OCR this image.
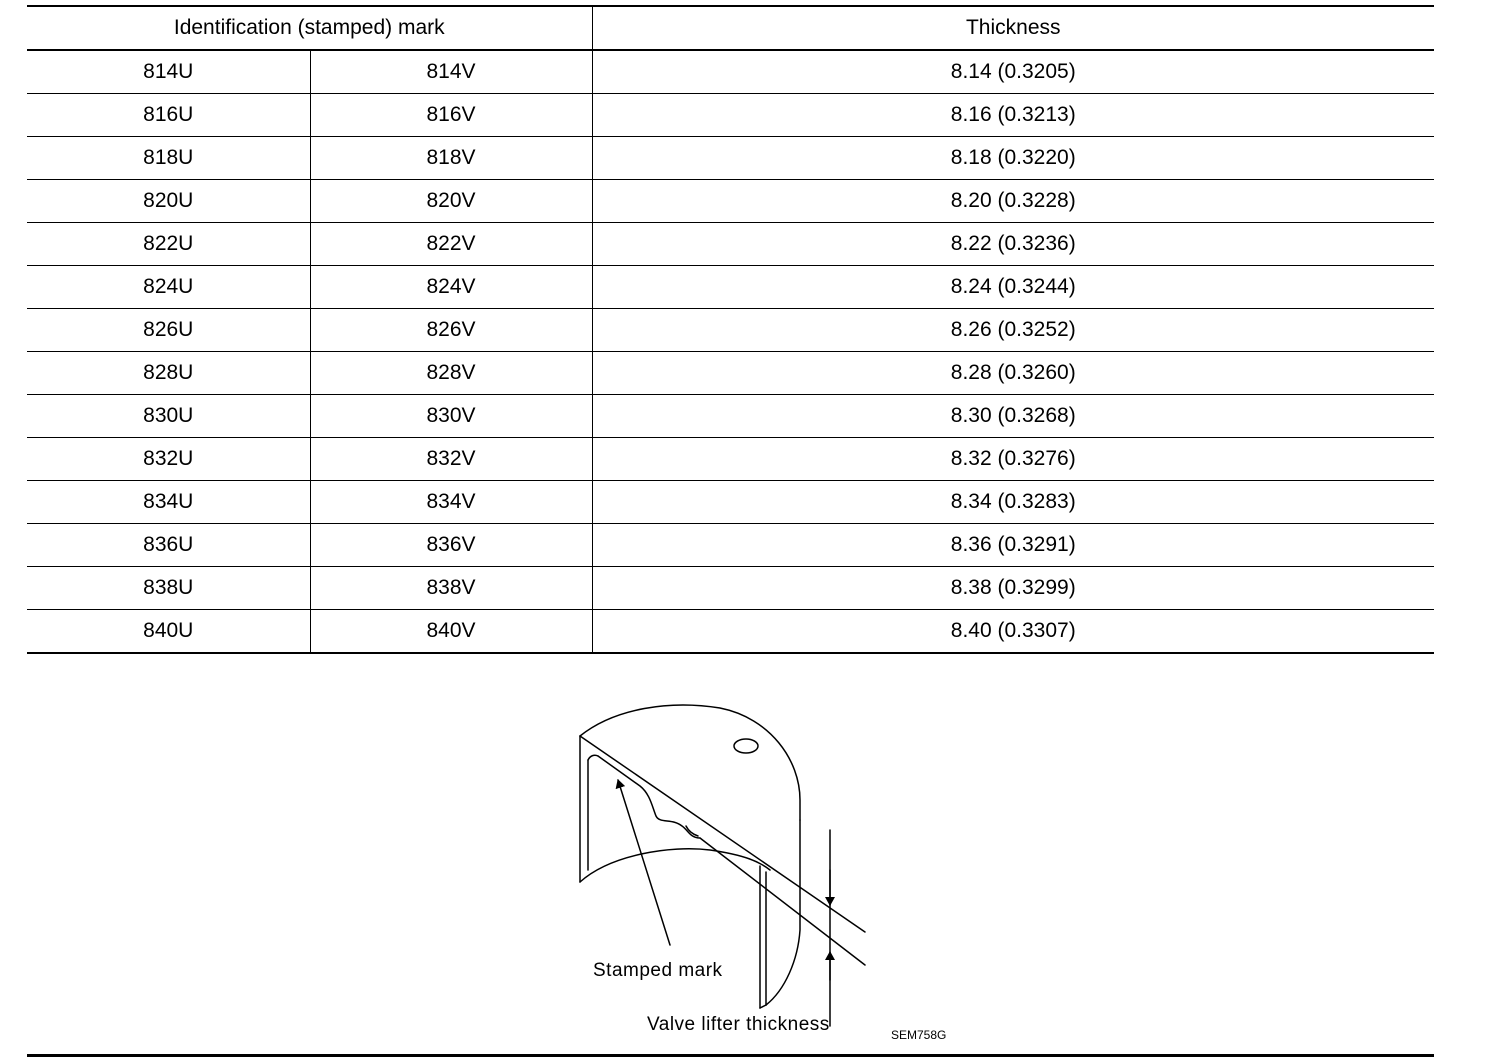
Identification (stamped) mark		Thickness
814U	814V	8.14 (0.3205)
816U	816V	8.16 (0.3213)
818U	818V	8.18 (0.3220)
820U	820V	8.20 (0.3228)
822U	822V	8.22 (0.3236)
824U	824V	8.24 (0.3244)
826U	826V	8.26 (0.3252)
828U	828V	8.28 (0.3260)
830U	830V	8.30 (0.3268)
832U	832V	8.32 (0.3276)
834U	834V	8.34 (0.3283)
836U	836V	8.36 (0.3291)
838U	838V	8.38 (0.3299)
840U	840V	8.40 (0.3307)
Stamped mark
Valve lifter thickness	SEM758G
